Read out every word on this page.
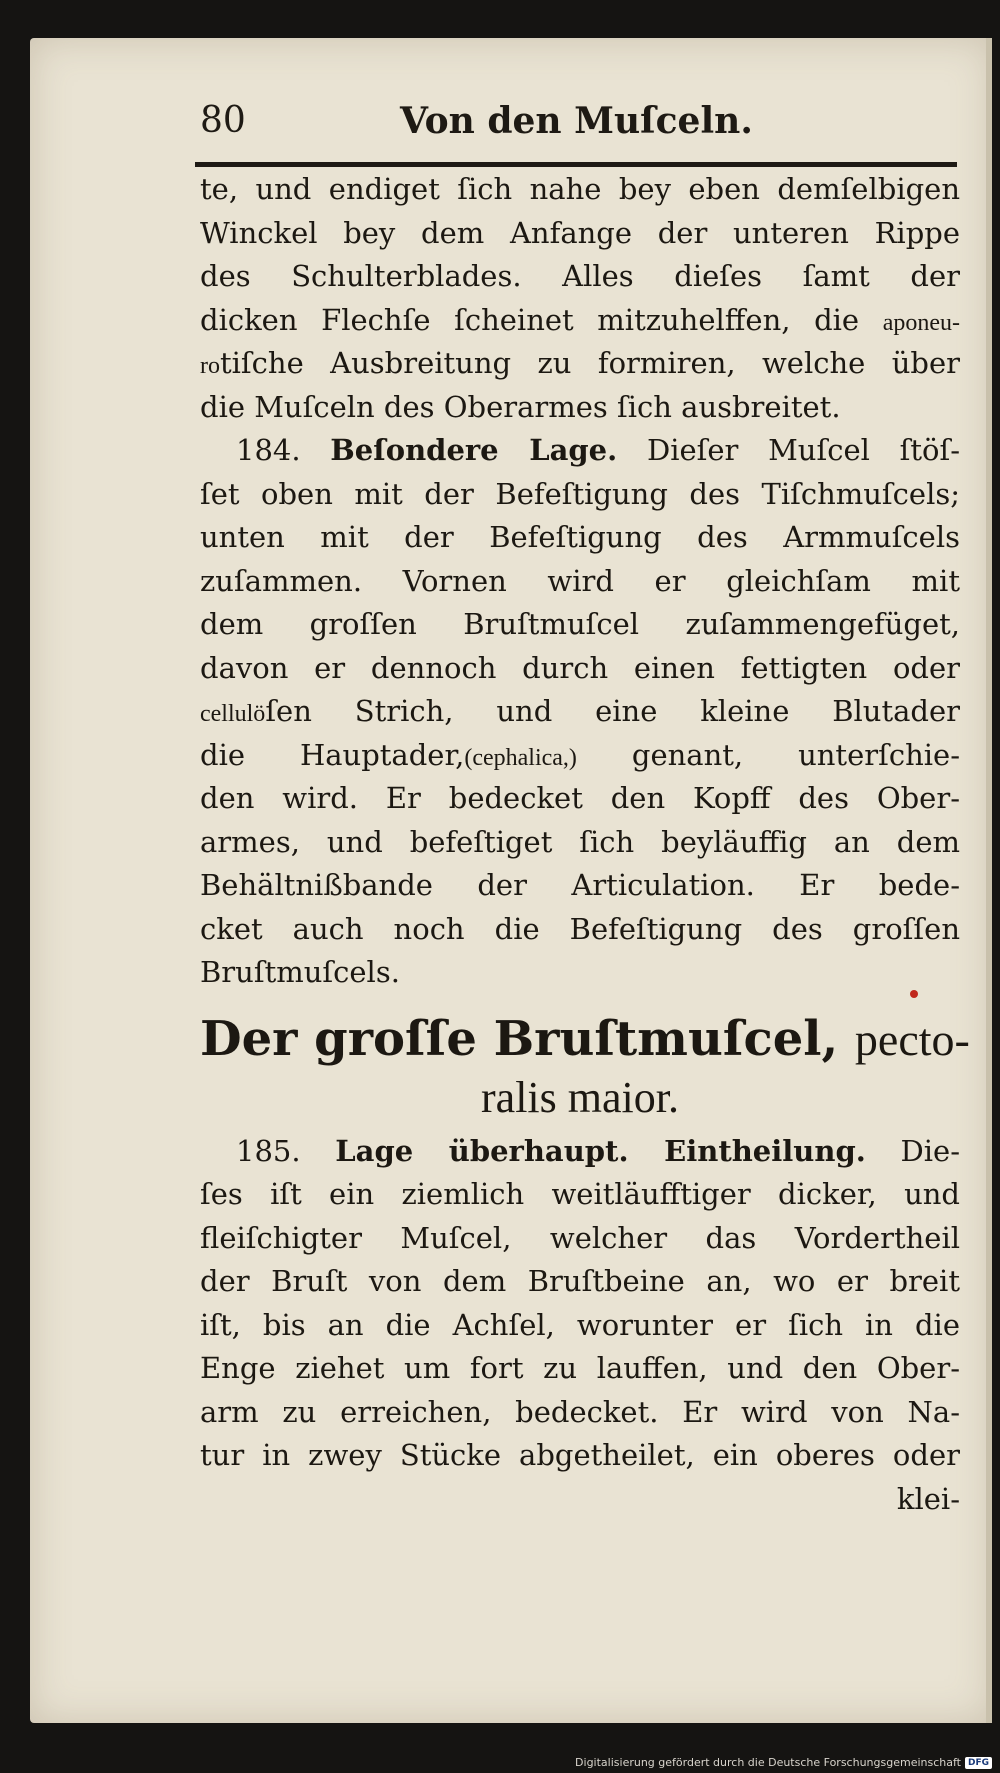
80	Von den Muſceln.
te, und endiget ſich nahe bey eben demſelbigen
Winckel bey dem Anfange der unteren Rippe
des Schulterblades. Alles dieſes ſamt der
dicken Flechſe ſcheinet mitzuhelffen, die aponeu-
rotiſche Ausbreitung zu formiren, welche über
die Muſceln des Oberarmes ſich ausbreitet.
184. Beſondere Lage. Dieſer Muſcel ſtöſ-
ſet oben mit der Befeſtigung des Tiſchmuſcels;
unten mit der Befeſtigung des Armmuſcels
zuſammen. Vornen wird er gleichſam mit
dem groſſen Bruſtmuſcel zuſammengefüget,
davon er dennoch durch einen fettigten oder
cellulöſen Strich, und eine kleine Blutader
die Hauptader,(cephalica,) genant, unterſchie-
den wird. Er bedecket den Kopff des Ober-
armes, und befeſtiget ſich beyläuffig an dem
Behältnißbande der Articulation. Er bede-
cket auch noch die Befeſtigung des groſſen
Bruſtmuſcels.
Der groſſe Bruſtmuſcel, pecto-
ralis maior.
185. Lage überhaupt. Eintheilung. Die-
ſes iſt ein ziemlich weitläufftiger dicker, und
fleiſchigter Muſcel, welcher das Vordertheil
der Bruſt von dem Bruſtbeine an, wo er breit
iſt, bis an die Achſel, worunter er ſich in die
Enge ziehet um fort zu lauffen, und den Ober-
arm zu erreichen, bedecket. Er wird von Na-
tur in zwey Stücke abgetheilet, ein oberes oder
klei-
Digitalisierung gefördert durch die Deutsche Forschungsgemeinschaft DFG
